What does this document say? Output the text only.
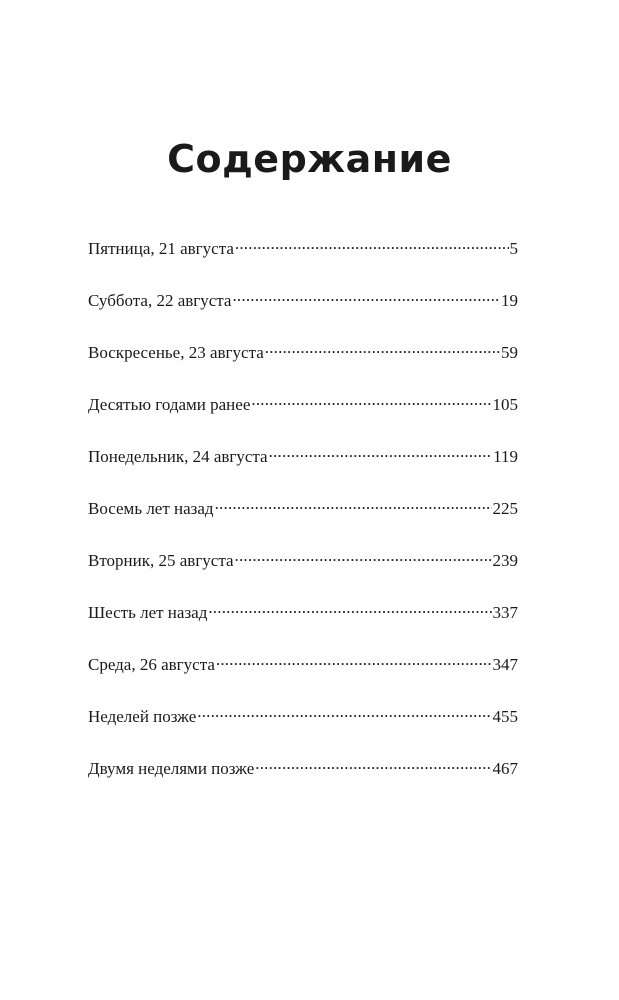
Содержание
Пятница, 21 августа .....	5
Суббота, 22 августа .....	19
Воскресенье, 23 августа .....	59
Десятью годами ранее .....	105
Понедельник, 24 августа .....	119
Восемь лет назад .....	225
Вторник, 25 августа .....	239
Шесть лет назад .....	337
Среда, 26 августа .....	347
Неделей позже .....	455
Двумя неделями позже .....	467
